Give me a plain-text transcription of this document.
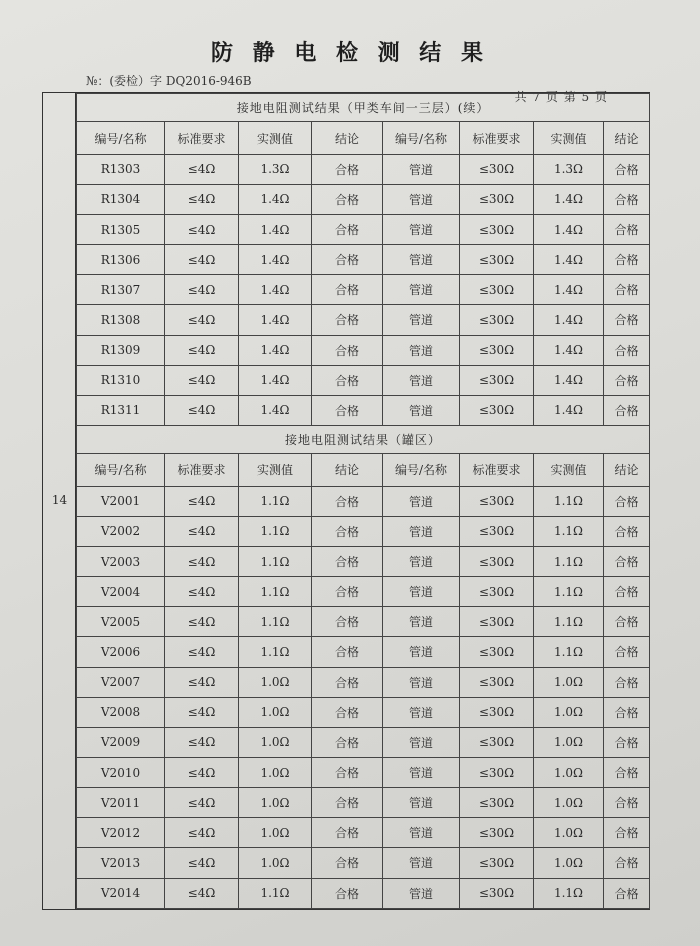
防 静 电 检 测 结 果
№：(委检）字 DQ2016-946B
共 7 页 第 5 页
14
接地电阻测试结果（甲类车间一三层）(续）							
编号/名称	标准要求	实测值	结论	编号/名称	标准要求	实测值	结论
R1303	≤4Ω	1.3Ω	合格	管道	≤30Ω	1.3Ω	合格
R1304	≤4Ω	1.4Ω	合格	管道	≤30Ω	1.4Ω	合格
R1305	≤4Ω	1.4Ω	合格	管道	≤30Ω	1.4Ω	合格
R1306	≤4Ω	1.4Ω	合格	管道	≤30Ω	1.4Ω	合格
R1307	≤4Ω	1.4Ω	合格	管道	≤30Ω	1.4Ω	合格
R1308	≤4Ω	1.4Ω	合格	管道	≤30Ω	1.4Ω	合格
R1309	≤4Ω	1.4Ω	合格	管道	≤30Ω	1.4Ω	合格
R1310	≤4Ω	1.4Ω	合格	管道	≤30Ω	1.4Ω	合格
R1311	≤4Ω	1.4Ω	合格	管道	≤30Ω	1.4Ω	合格
接地电阻测试结果（罐区）							
编号/名称	标准要求	实测值	结论	编号/名称	标准要求	实测值	结论
V2001	≤4Ω	1.1Ω	合格	管道	≤30Ω	1.1Ω	合格
V2002	≤4Ω	1.1Ω	合格	管道	≤30Ω	1.1Ω	合格
V2003	≤4Ω	1.1Ω	合格	管道	≤30Ω	1.1Ω	合格
V2004	≤4Ω	1.1Ω	合格	管道	≤30Ω	1.1Ω	合格
V2005	≤4Ω	1.1Ω	合格	管道	≤30Ω	1.1Ω	合格
V2006	≤4Ω	1.1Ω	合格	管道	≤30Ω	1.1Ω	合格
V2007	≤4Ω	1.0Ω	合格	管道	≤30Ω	1.0Ω	合格
V2008	≤4Ω	1.0Ω	合格	管道	≤30Ω	1.0Ω	合格
V2009	≤4Ω	1.0Ω	合格	管道	≤30Ω	1.0Ω	合格
V2010	≤4Ω	1.0Ω	合格	管道	≤30Ω	1.0Ω	合格
V2011	≤4Ω	1.0Ω	合格	管道	≤30Ω	1.0Ω	合格
V2012	≤4Ω	1.0Ω	合格	管道	≤30Ω	1.0Ω	合格
V2013	≤4Ω	1.0Ω	合格	管道	≤30Ω	1.0Ω	合格
V2014	≤4Ω	1.1Ω	合格	管道	≤30Ω	1.1Ω	合格
